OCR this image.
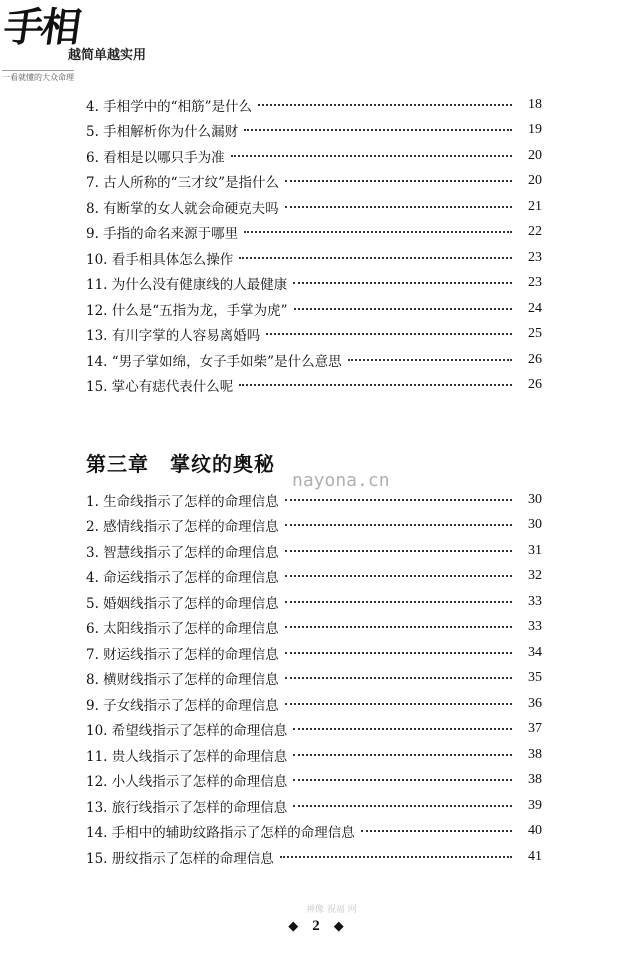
手相
越简单越实用
一看就懂的大众命理
4. 手相学中的“相筋”是什么	18
5. 手相解析你为什么漏财	19
6. 看相是以哪只手为准	20
7. 古人所称的“三才纹”是指什么	20
8. 有断掌的女人就会命硬克夫吗	21
9. 手指的命名来源于哪里	22
10. 看手相具体怎么操作	23
11. 为什么没有健康线的人最健康	23
12. 什么是“五指为龙，手掌为虎”	24
13. 有川字掌的人容易离婚吗	25
14. “男子掌如绵，女子手如柴”是什么意思	26
15. 掌心有痣代表什么呢	26
第三章　掌纹的奥秘
nayona.cn
1. 生命线指示了怎样的命理信息	30
2. 感情线指示了怎样的命理信息	30
3. 智慧线指示了怎样的命理信息	31
4. 命运线指示了怎样的命理信息	32
5. 婚姻线指示了怎样的命理信息	33
6. 太阳线指示了怎样的命理信息	33
7. 财运线指示了怎样的命理信息	34
8. 横财线指示了怎样的命理信息	35
9. 子女线指示了怎样的命理信息	36
10. 希望线指示了怎样的命理信息	37
11. 贵人线指示了怎样的命理信息	38
12. 小人线指示了怎样的命理信息	38
13. 旅行线指示了怎样的命理信息	39
14. 手相中的辅助纹路指示了怎样的命理信息	40
15. 册纹指示了怎样的命理信息	41
神像 祝福 网
◆ 2 ◆
